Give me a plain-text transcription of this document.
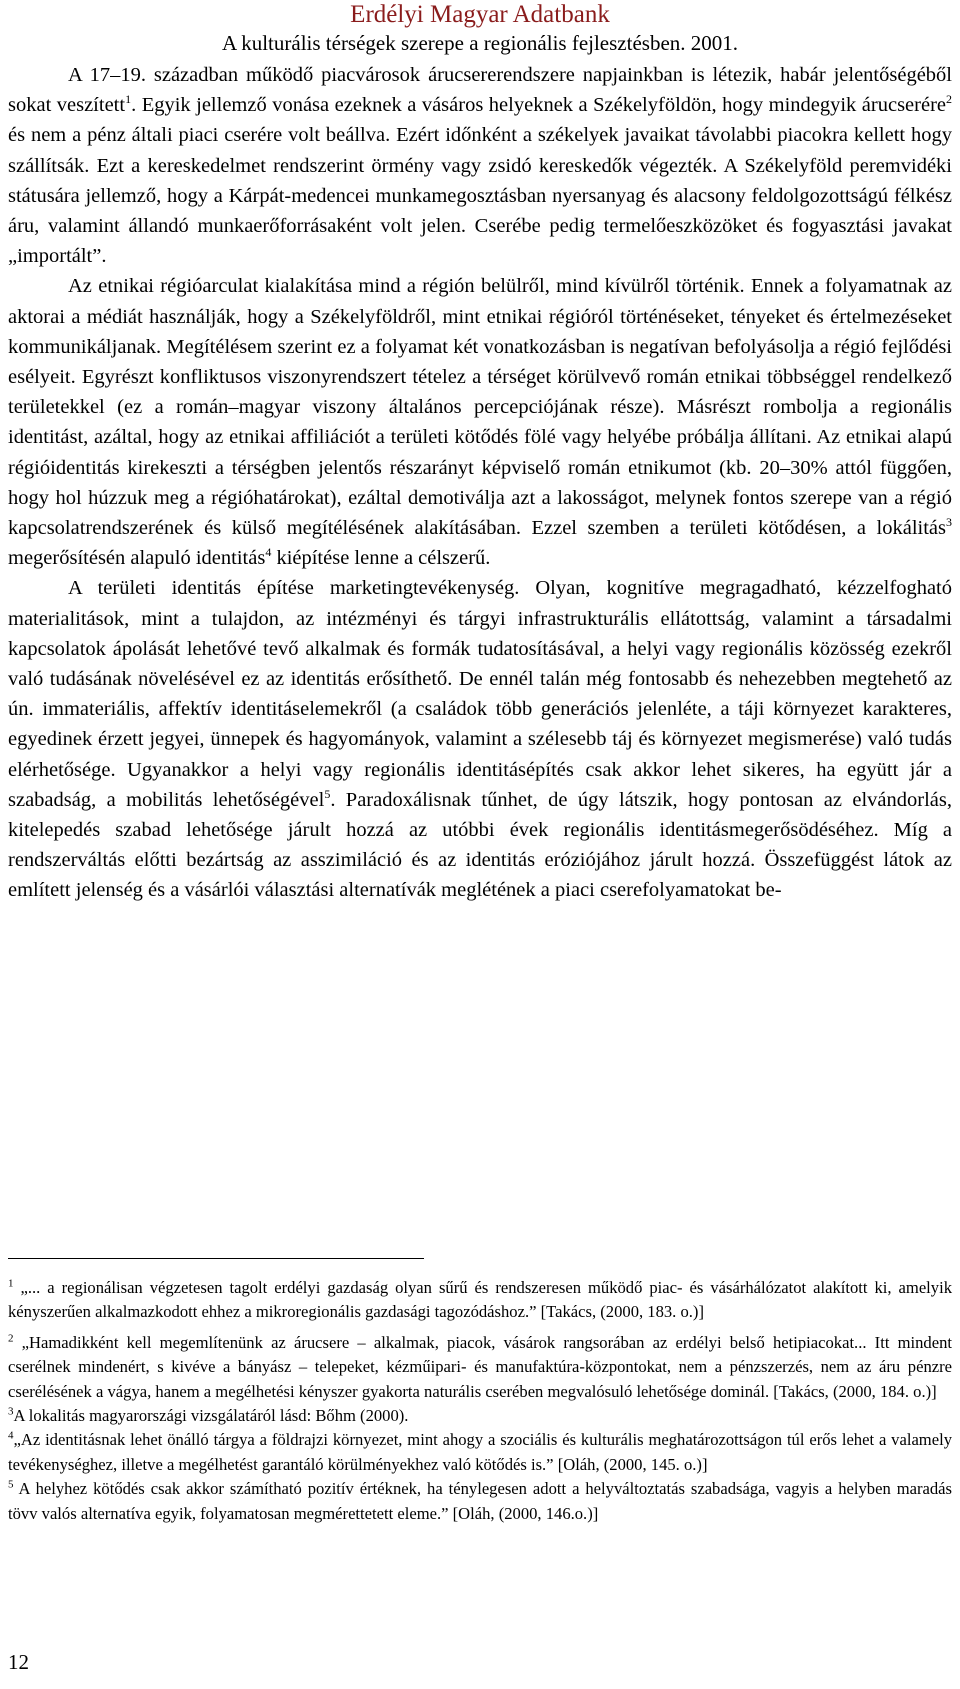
Erdélyi Magyar Adatbank
A kulturális térségek szerepe a regionális fejlesztésben. 2001.

A 17–19. században működő piacvárosok árucsererendszere napjainkban is létezik, habár jelentőségéből sokat veszített$^1$. Egyik jellemző vonása ezeknek a vásáros helyeknek a Székelyföldön, hogy mindegyik árucserére$^2$ és nem a pénz általi piaci cserére volt beállva. Ezért időnként a székelyek javaikat távolabbi piacokra kellett hogy szállítsák. Ezt a kereskedelmet rendszerint örmény vagy zsidó kereskedők végezték. A Székelyföld peremvidéki státusára jellemző, hogy a Kárpát-medencei munkamegosztásban nyersanyag és alacsony feldolgozottságú félkész áru, valamint állandó munkaerőforrásaként volt jelen. Cserébe pedig termelőeszközöket és fogyasztási javakat „importált”.

Az etnikai régióarculat kialakítása mind a régión belülről, mind kívülről történik. Ennek a folyamatnak az aktorai a médiát használják, hogy a Székelyföldről, mint etnikai régióról történéseket, tényeket és értelmezéseket kommunikáljanak. Megítélésem szerint ez a folyamat két vonatkozásban is negatívan befolyásolja a régió fejlődési esélyeit. Egyrészt konfliktusos viszonyrendszert tételez a térséget körülvevő román etnikai többséggel rendelkező területekkel (ez a román–magyar viszony általános percepciójának része). Másrészt rombolja a regionális identitást, azáltal, hogy az etnikai affiliációt a területi kötődés fölé vagy helyébe próbálja állítani. Az etnikai alapú régióidentitás kirekeszti a térségben jelentős részarányt képviselő román etnikumot (kb. 20–30% attól függően, hogy hol húzzuk meg a régióhatárokat), ezáltal demotiválja azt a lakosságot, melynek fontos szerepe van a régió kapcsolatrendszerének és külső megítélésének alakításában. Ezzel szemben a területi kötődésen, a lokálitás$^3$ megerősítésén alapuló identitás$^4$ kiépítése lenne a célszerű.

A területi identitás építése marketingtevékenység. Olyan, kognitíve megragadható, kézzelfogható materialitások, mint a tulajdon, az intézményi és tárgyi infrastrukturális ellátottság, valamint a társadalmi kapcsolatok ápolását lehetővé tevő alkalmak és formák tudatosításával, a helyi vagy regionális közösség ezekről való tudásának növelésével ez az identitás erősíthető. De ennél talán még fontosabb és nehezebben megtehető az ún. immateriális, affektív identitáselemekről (a családok több generációs jelenléte, a táji környezet karakteres, egyedinek érzett jegyei, ünnepek és hagyományok, valamint a szélesebb táj és környezet megismerése) való tudás elérhetősége. Ugyanakkor a helyi vagy regionális identitásépítés csak akkor lehet sikeres, ha együtt jár a szabadság, a mobilitás lehetőségével$^5$. Paradoxálisnak tűnhet, de úgy látszik, hogy pontosan az elvándorlás, kitelepedés szabad lehetősége járult hozzá az utóbbi évek regionális identitásmegerősödéséhez. Míg a rendszerváltás előtti bezártság az asszimiláció és az identitás eróziójához járult hozzá. Összefüggést látok az említett jelenség és a vásárlói választási alternatívák meglétének a piaci cserefolyamatokat be-

$^1$ „... a regionálisan végzetesen tagolt erdélyi gazdaság olyan sűrű és rendszeresen működő piac- és vásárhálózatot alakított ki, amelyik kényszerűen alkalmazkodott ehhez a mikroregionális gazdasági tagozódáshoz.” [Takács, (2000, 183. o.)]

$^2$ „Hamadikként kell megemlítenünk az árucsere – alkalmak, piacok, vásárok rangsorában az erdélyi belső hetipiacokat... Itt mindent cserélnek mindenért, s kivéve a bányász – telepeket, kézműipari- és manufaktúra-központokat, nem a pénzszerzés, nem az áru pénzre cserélésének a vágya, hanem a megélhetési kényszer gyakorta naturális cserében megvalósuló lehetősége dominál. [Takács, (2000, 184. o.)]

$^3$A lokalitás magyarországi vizsgálatáról lásd: Bőhm (2000).

$^4$„Az identitásnak lehet önálló tárgya a földrajzi környezet, mint ahogy a szociális és kulturális meghatározottságon túl erős lehet a valamely tevékenységhez, illetve a megélhetést garantáló körülményekhez való kötődés is.” [Oláh, (2000, 145. o.)]

$^5$ A helyhez kötődés csak akkor számítható pozitív értéknek, ha ténylegesen adott a helyváltoztatás szabadsága, vagyis a helyben maradás tövv valós alternatíva egyik, folyamatosan megmérettetett eleme.” [Oláh, (2000, 146.o.)]

12
